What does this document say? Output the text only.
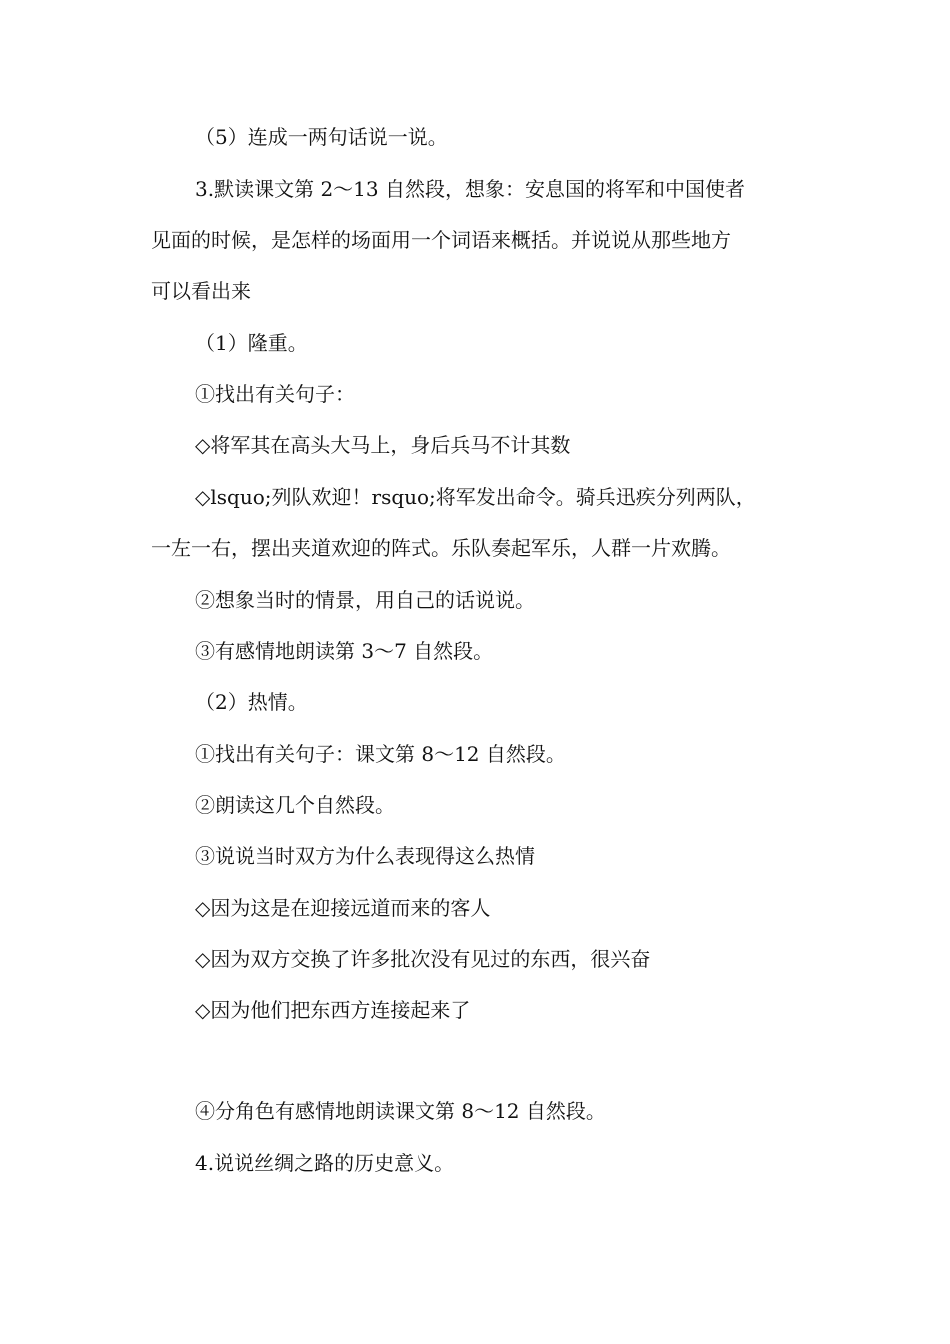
（5）连成一两句话说一说。
3.默读课文第 2～13 自然段，想象：安息国的将军和中国使者
见面的时候，是怎样的场面用一个词语来概括。并说说从那些地方
可以看出来
（1）隆重。
①找出有关句子：
◇将军其在高头大马上，身后兵马不计其数
◇lsquo;列队欢迎！rsquo;将军发出命令。骑兵迅疾分列两队，
一左一右，摆出夹道欢迎的阵式。乐队奏起军乐，人群一片欢腾。
②想象当时的情景，用自己的话说说。
③有感情地朗读第 3～7 自然段。
（2）热情。
①找出有关句子：课文第 8～12 自然段。
②朗读这几个自然段。
③说说当时双方为什么表现得这么热情
◇因为这是在迎接远道而来的客人
◇因为双方交换了许多批次没有见过的东西，很兴奋
◇因为他们把东西方连接起来了
④分角色有感情地朗读课文第 8～12 自然段。
4.说说丝绸之路的历史意义。
